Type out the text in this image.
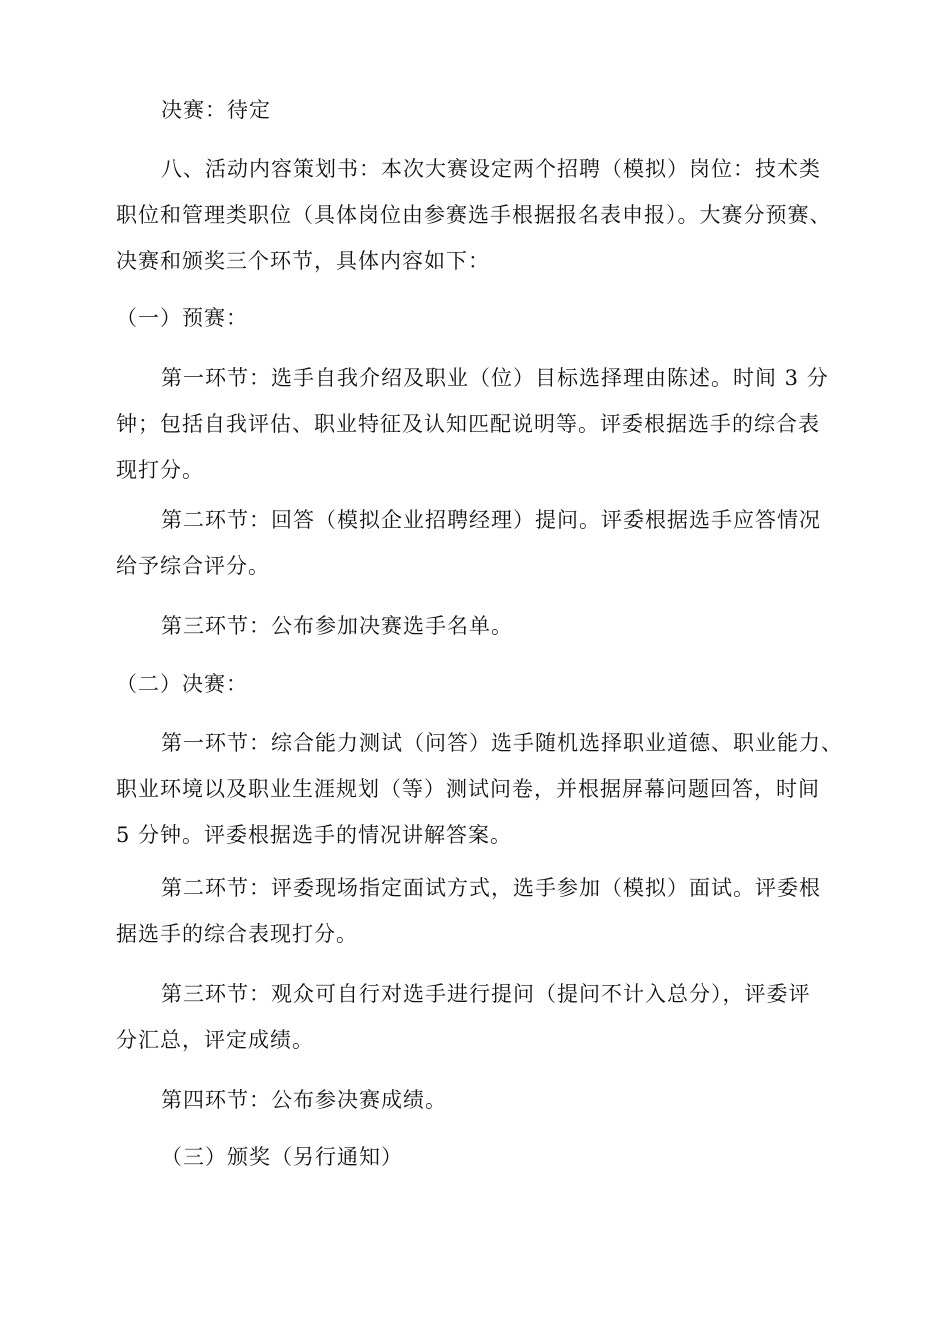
决赛：待定

八、活动内容策划书：本次大赛设定两个招聘（模拟）岗位：技术类
职位和管理类职位（具体岗位由参赛选手根据报名表申报）。大赛分预赛、
决赛和颁奖三个环节，具体内容如下：

（一）预赛：

第一环节：选手自我介绍及职业（位）目标选择理由陈述。时间 3 分
钟；包括自我评估、职业特征及认知匹配说明等。评委根据选手的综合表
现打分。
第二环节：回答（模拟企业招聘经理）提问。评委根据选手应答情况
给予综合评分。

第三环节：公布参加决赛选手名单。

（二）决赛：

第一环节：综合能力测试（问答）选手随机选择职业道德、职业能力、
职业环境以及职业生涯规划（等）测试问卷，并根据屏幕问题回答，时间
5 分钟。评委根据选手的情况讲解答案。
第二环节：评委现场指定面试方式，选手参加（模拟）面试。评委根
据选手的综合表现打分。
第三环节：观众可自行对选手进行提问（提问不计入总分），评委评
分汇总，评定成绩。

第四环节：公布参决赛成绩。

（三）颁奖（另行通知）
